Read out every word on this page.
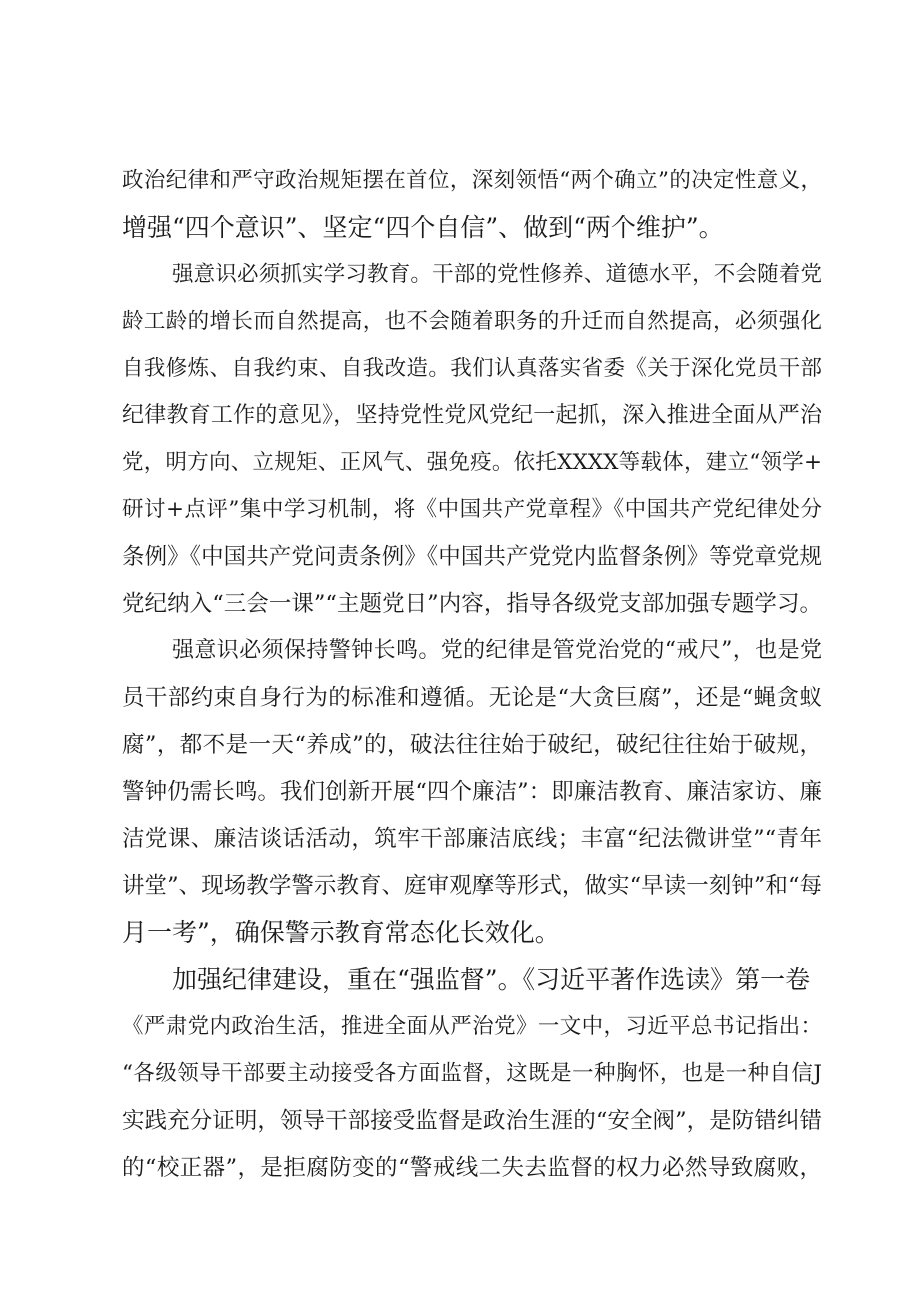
政治纪律和严守政治规矩摆在首位，深刻领悟“两个确立”的决定性意义，
增强“四个意识”、坚定“四个自信”、做到“两个维护”。
强意识必须抓实学习教育。干部的党性修养、道德水平，不会随着党
龄工龄的增长而自然提高，也不会随着职务的升迁而自然提高，必须强化
自我修炼、自我约束、自我改造。我们认真落实省委《关于深化党员干部
纪律教育工作的意见》，坚持党性党风党纪一起抓，深入推进全面从严治
党，明方向、立规矩、正风气、强免疫。依托XXXX等载体，建立“领学+
研讨+点评”集中学习机制，将《中国共产党章程》《中国共产党纪律处分
条例》《中国共产党问责条例》《中国共产党党内监督条例》等党章党规
党纪纳入“三会一课”“主题党日”内容，指导各级党支部加强专题学习。
强意识必须保持警钟长鸣。党的纪律是管党治党的“戒尺”，也是党
员干部约束自身行为的标准和遵循。无论是“大贪巨腐”，还是“蝇贪蚁
腐”，都不是一天“养成”的，破法往往始于破纪，破纪往往始于破规，
警钟仍需长鸣。我们创新开展“四个廉洁”：即廉洁教育、廉洁家访、廉
洁党课、廉洁谈话活动，筑牢干部廉洁底线；丰富“纪法微讲堂”“青年
讲堂”、现场教学警示教育、庭审观摩等形式，做实“早读一刻钟”和“每
月一考”，确保警示教育常态化长效化。
加强纪律建设，重在“强监督”。《习近平著作选读》第一卷
《严肃党内政治生活，推进全面从严治党》一文中，习近平总书记指出：
“各级领导干部要主动接受各方面监督，这既是一种胸怀，也是一种自信J
实践充分证明，领导干部接受监督是政治生涯的“安全阀”，是防错纠错
的“校正器”，是拒腐防变的“警戒线二失去监督的权力必然导致腐败，
